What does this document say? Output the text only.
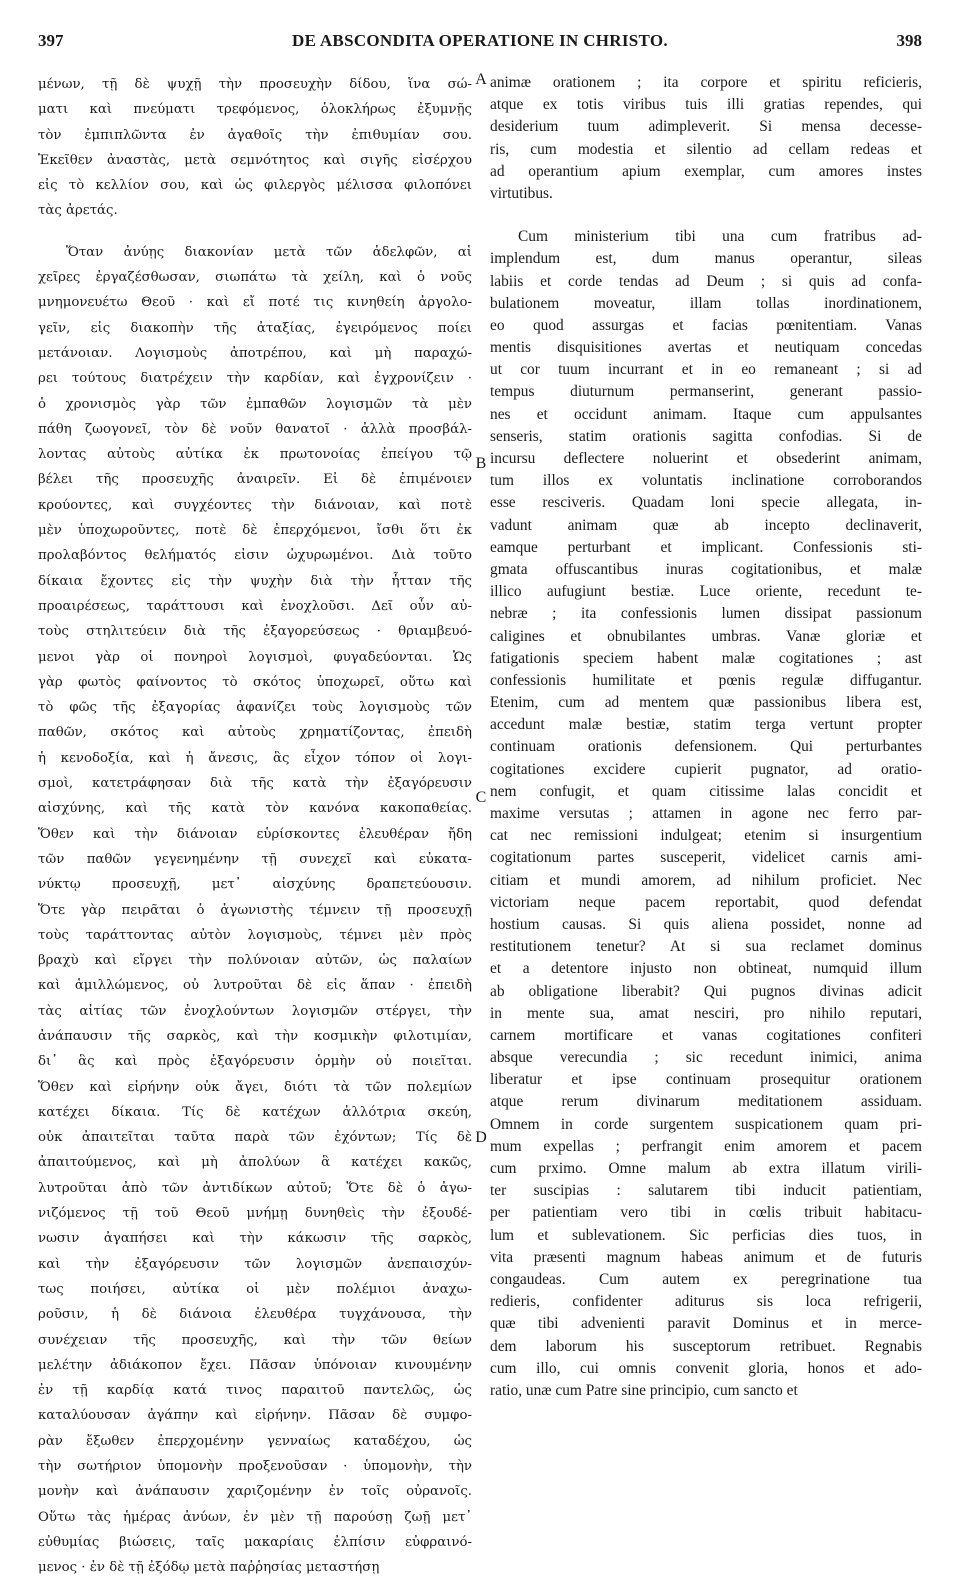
397	DE ABSCONDITA OPERATIONE IN CHRISTO.	398
μένων, τῇ δὲ ψυχῇ τὴν προσευχὴν δίδου, ἵνα σώ-
ματι καὶ πνεύματι τρεφόμενος, ὁλοκλήρως ἐξυμνῇς
τὸν ἐμπιπλῶντα ἐν ἀγαθοῖς τὴν ἐπιθυμίαν σου.
Ἐκεῖθεν ἀναστὰς, μετὰ σεμνότητος καὶ σιγῆς εἰσέρχου
εἰς τὸ κελλίον σου, καὶ ὡς φιλεργὸς μέλισσα φιλοπόνει
τὰς ἀρετάς.
Ὅταν ἀνύῃς διακονίαν μετὰ τῶν ἀδελφῶν, αἱ
χεῖρες ἐργαζέσθωσαν, σιωπάτω τὰ χείλη, καὶ ὁ νοῦς
μνημονευέτω Θεοῦ · καὶ εἴ ποτέ τις κινηθείη ἀργολο-
γεῖν, εἰς διακοπὴν τῆς ἀταξίας, ἐγειρόμενος ποίει
μετάνοιαν. Λογισμοὺς ἀποτρέπου, καὶ μὴ παραχώ-
ρει τούτους διατρέχειν τὴν καρδίαν, καὶ ἐγχρονίζειν ·
ὁ χρονισμὸς γὰρ τῶν ἐμπαθῶν λογισμῶν τὰ μὲν
πάθη ζωογονεῖ, τὸν δὲ νοῦν θανατοῖ · ἀλλὰ προσβάλ-
λοντας αὐτοὺς αὐτίκα ἐκ πρωτονοίας ἐπείγου τῷ
βέλει τῆς προσευχῆς ἀναιρεῖν. Εἰ δὲ ἐπιμένοιεν
κρούοντες, καὶ συγχέοντες τὴν διάνοιαν, καὶ ποτὲ
μὲν ὑποχωροῦντες, ποτὲ δὲ ἐπερχόμενοι, ἴσθι ὅτι ἐκ
προλαβόντος θελήματός εἰσιν ὠχυρωμένοι. Διὰ τοῦτο
δίκαια ἔχοντες εἰς τὴν ψυχὴν διὰ τὴν ἧτταν τῆς
προαιρέσεως, ταράττουσι καὶ ἐνοχλοῦσι. Δεῖ οὖν αὐ-
τοὺς στηλιτεύειν διὰ τῆς ἐξαγορεύσεως · θριαμβευό-
μενοι γὰρ οἱ πονηροὶ λογισμοὶ, φυγαδεύονται. Ὡς
γὰρ φωτὸς φαίνοντος τὸ σκότος ὑποχωρεῖ, οὕτω καὶ
τὸ φῶς τῆς ἐξαγορίας ἀφανίζει τοὺς λογισμοὺς τῶν
παθῶν, σκότος καὶ αὐτοὺς χρηματίζοντας, ἐπειδὴ
ἡ κενοδοξία, καὶ ἡ ἄνεσις, ἃς εἶχον τόπον οἱ λογι-
σμοὶ, κατετράφησαν διὰ τῆς κατὰ τὴν ἐξαγόρευσιν
αἰσχύνης, καὶ τῆς κατὰ τὸν κανόνα κακοπαθείας.
Ὅθεν καὶ τὴν διάνοιαν εὑρίσκοντες ἐλευθέραν ἤδη
τῶν παθῶν γεγενημένην τῇ συνεχεῖ καὶ εὐκατα-
νύκτῳ προσευχῇ, μετ᾽ αἰσχύνης δραπετεύουσιν.
Ὅτε γὰρ πειρᾶται ὁ ἀγωνιστὴς τέμνειν τῇ προσευχῇ
τοὺς ταράττοντας αὐτὸν λογισμοὺς, τέμνει μὲν πρὸς
βραχὺ καὶ εἴργει τὴν πολύνοιαν αὐτῶν, ὡς παλαίων
καὶ ἁμιλλώμενος, οὐ λυτροῦται δὲ εἰς ἅπαν · ἐπειδὴ
τὰς αἰτίας τῶν ἐνοχλούντων λογισμῶν στέργει, τὴν
ἀνάπαυσιν τῆς σαρκὸς, καὶ τὴν κοσμικὴν φιλοτιμίαν,
δι᾽ ἃς καὶ πρὸς ἐξαγόρευσιν ὁρμὴν οὐ ποιεῖται.
Ὅθεν καὶ εἰρήνην οὐκ ἄγει, διότι τὰ τῶν πολεμίων
κατέχει δίκαια. Τίς δὲ κατέχων ἀλλότρια σκεύη,
οὐκ ἀπαιτεῖται ταῦτα παρὰ τῶν ἐχόντων; Τίς δὲ
ἀπαιτούμενος, καὶ μὴ ἀπολύων ἃ κατέχει κακῶς,
λυτροῦται ἀπὸ τῶν ἀντιδίκων αὐτοῦ; Ὅτε δὲ ὁ ἀγω-
νιζόμενος τῇ τοῦ Θεοῦ μνήμῃ δυνηθεὶς τὴν ἐξουδέ-
νωσιν ἀγαπήσει καὶ τὴν κάκωσιν τῆς σαρκὸς,
καὶ τὴν ἐξαγόρευσιν τῶν λογισμῶν ἀνεπαισχύν-
τως ποιήσει, αὐτίκα οἱ μὲν πολέμιοι ἀναχω-
ροῦσιν, ἡ δὲ διάνοια ἐλευθέρα τυγχάνουσα, τὴν
συνέχειαν τῆς προσευχῆς, καὶ τὴν τῶν θείων
μελέτην ἀδιάκοπον ἔχει. Πᾶσαν ὑπόνοιαν κινουμένην
ἐν τῇ καρδίᾳ κατά τινος παραιτοῦ παντελῶς, ὡς
καταλύουσαν ἀγάπην καὶ εἰρήνην. Πᾶσαν δὲ συμφο-
ρὰν ἔξωθεν ἐπερχομένην γενναίως καταδέχου, ὡς
τὴν σωτήριον ὑπομονὴν προξενοῦσαν · ὑπομονὴν, τὴν
μονὴν καὶ ἀνάπαυσιν χαριζομένην ἐν τοῖς οὐρανοῖς.
Οὕτω τὰς ἡμέρας ἀνύων, ἐν μὲν τῇ παρούσῃ ζωῇ μετ᾽
εὐθυμίας βιώσεις, ταῖς μακαρίαις ἐλπίσιν εὐφραινό-
μενος · ἐν δὲ τῇ ἐξόδῳ μετὰ παῤῥησίας μεταστήσῃ
animæ orationem ; ita corpore et spiritu reficieris,
atque ex totis viribus tuis illi gratias rependes, qui
desiderium tuum adimpleverit. Si mensa decesse-
ris, cum modestia et silentio ad cellam redeas et
ad operantium apium exemplar, cum amores instes
virtutibus.
Cum ministerium tibi una cum fratribus ad-
implendum est, dum manus operantur, sileas
labiis et corde tendas ad Deum ; si quis ad confa-
bulationem moveatur, illam tollas inordinationem,
eo quod assurgas et facias pœnitentiam. Vanas
mentis disquisitiones avertas et neutiquam concedas
ut cor tuum incurrant et in eo remaneant ; si ad
tempus diuturnum permanserint, generant passio-
nes et occidunt animam. Itaque cum appulsantes
senseris, statim orationis sagitta confodias. Si de
incursu deflectere noluerint et obsederint animam,
tum illos ex voluntatis inclinatione corroborandos
esse resciveris. Quadam loni specie allegata, in-
vadunt animam quæ ab incepto declinaverit,
eamque perturbant et implicant. Confessionis sti-
gmata offuscantibus inuras cogitationibus, et malæ
illico aufugiunt bestiæ. Luce oriente, recedunt te-
nebræ ; ita confessionis lumen dissipat passionum
caligines et obnubilantes umbras. Vanæ gloriæ et
fatigationis speciem habent malæ cogitationes ; ast
confessionis humilitate et pœnis regulæ diffugantur.
Etenim, cum ad mentem quæ passionibus libera est,
accedunt malæ bestiæ, statim terga vertunt propter
continuam orationis defensionem. Qui perturbantes
cogitationes excidere cupierit pugnator, ad oratio-
nem confugit, et quam citissime lalas concidit et
maxime versutas ; attamen in agone nec ferro par-
cat nec remissioni indulgeat; etenim si insurgentium
cogitationum partes susceperit, videlicet carnis ami-
citiam et mundi amorem, ad nihilum proficiet. Nec
victoriam neque pacem reportabit, quod defendat
hostium causas. Si quis aliena possidet, nonne ad
restitutionem tenetur? At si sua reclamet dominus
et a detentore injusto non obtineat, numquid illum
ab obligatione liberabit? Qui pugnos divinas adicit
in mente sua, amat nesciri, pro nihilo reputari,
carnem mortificare et vanas cogitationes confiteri
absque verecundia ; sic recedunt inimici, anima
liberatur et ipse continuam prosequitur orationem
atque rerum divinarum meditationem assiduam.
Omnem in corde surgentem suspicationem quam pri-
mum expellas ; perfrangit enim amorem et pacem
cum prximo. Omne malum ab extra illatum virili-
ter suscipias : salutarem tibi inducit patientiam,
per patientiam vero tibi in cœlis tribuit habitacu-
lum et sublevationem. Sic perficias dies tuos, in
vita præsenti magnum habeas animum et de futuris
congaudeas. Cum autem ex peregrinatione tua
redieris, confidenter aditurus sis loca refrigerii,
quæ tibi advenienti paravit Dominus et in merce-
dem laborum his susceptorum retribuet. Regnabis
cum illo, cui omnis convenit gloria, honos et ado-
ratio, unæ cum Patre sine principio, cum sancto et
A
B
C
D
